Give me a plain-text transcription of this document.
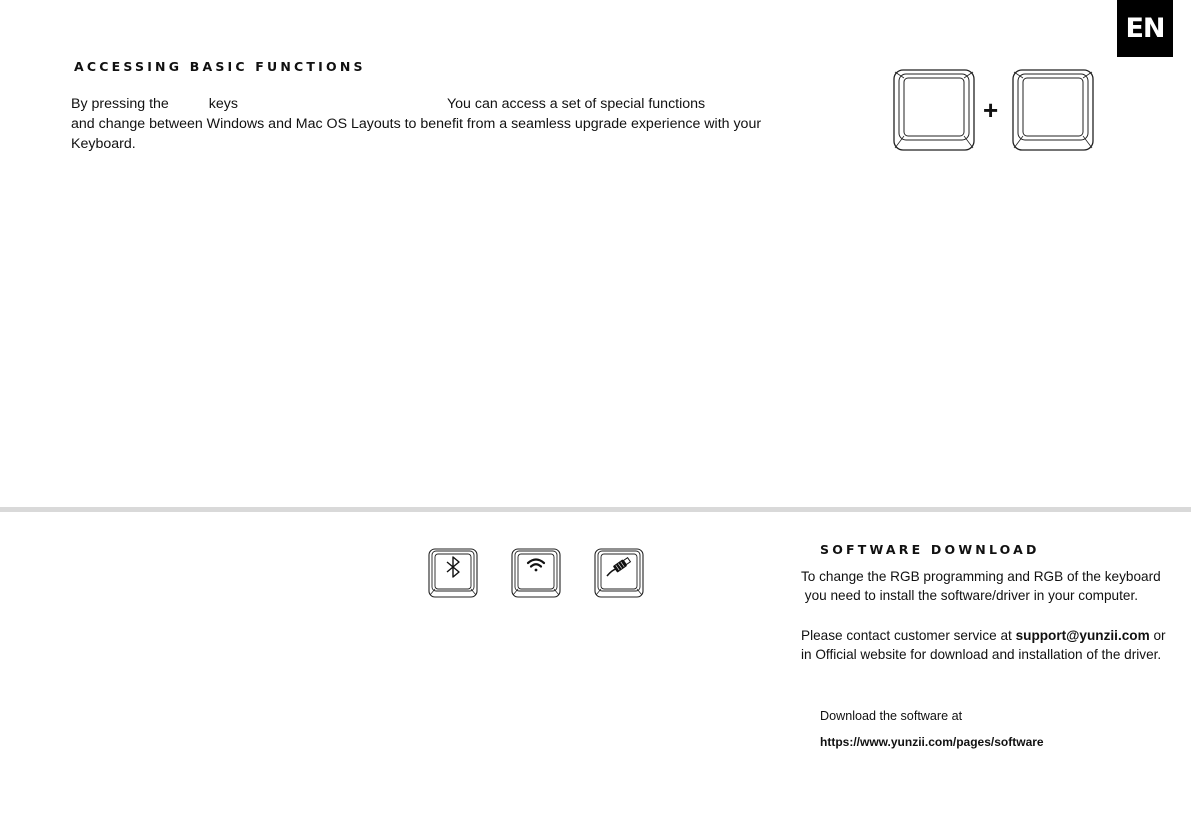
EN
ACCESSING BASIC FUNCTIONS
By pressing the	keys	You can access a set of special functions
and change between Windows and Mac OS Layouts to benefit from a seamless upgrade experience with your
Keyboard.
+
SOFTWARE DOWNLOAD
To change the RGB programming and RGB of the keyboard
you need to install the software/driver in your computer.
Please contact customer service at support@yunzii.com or
in Official website for download and installation of the driver.
Download the software at
https://www.yunzii.com/pages/software
